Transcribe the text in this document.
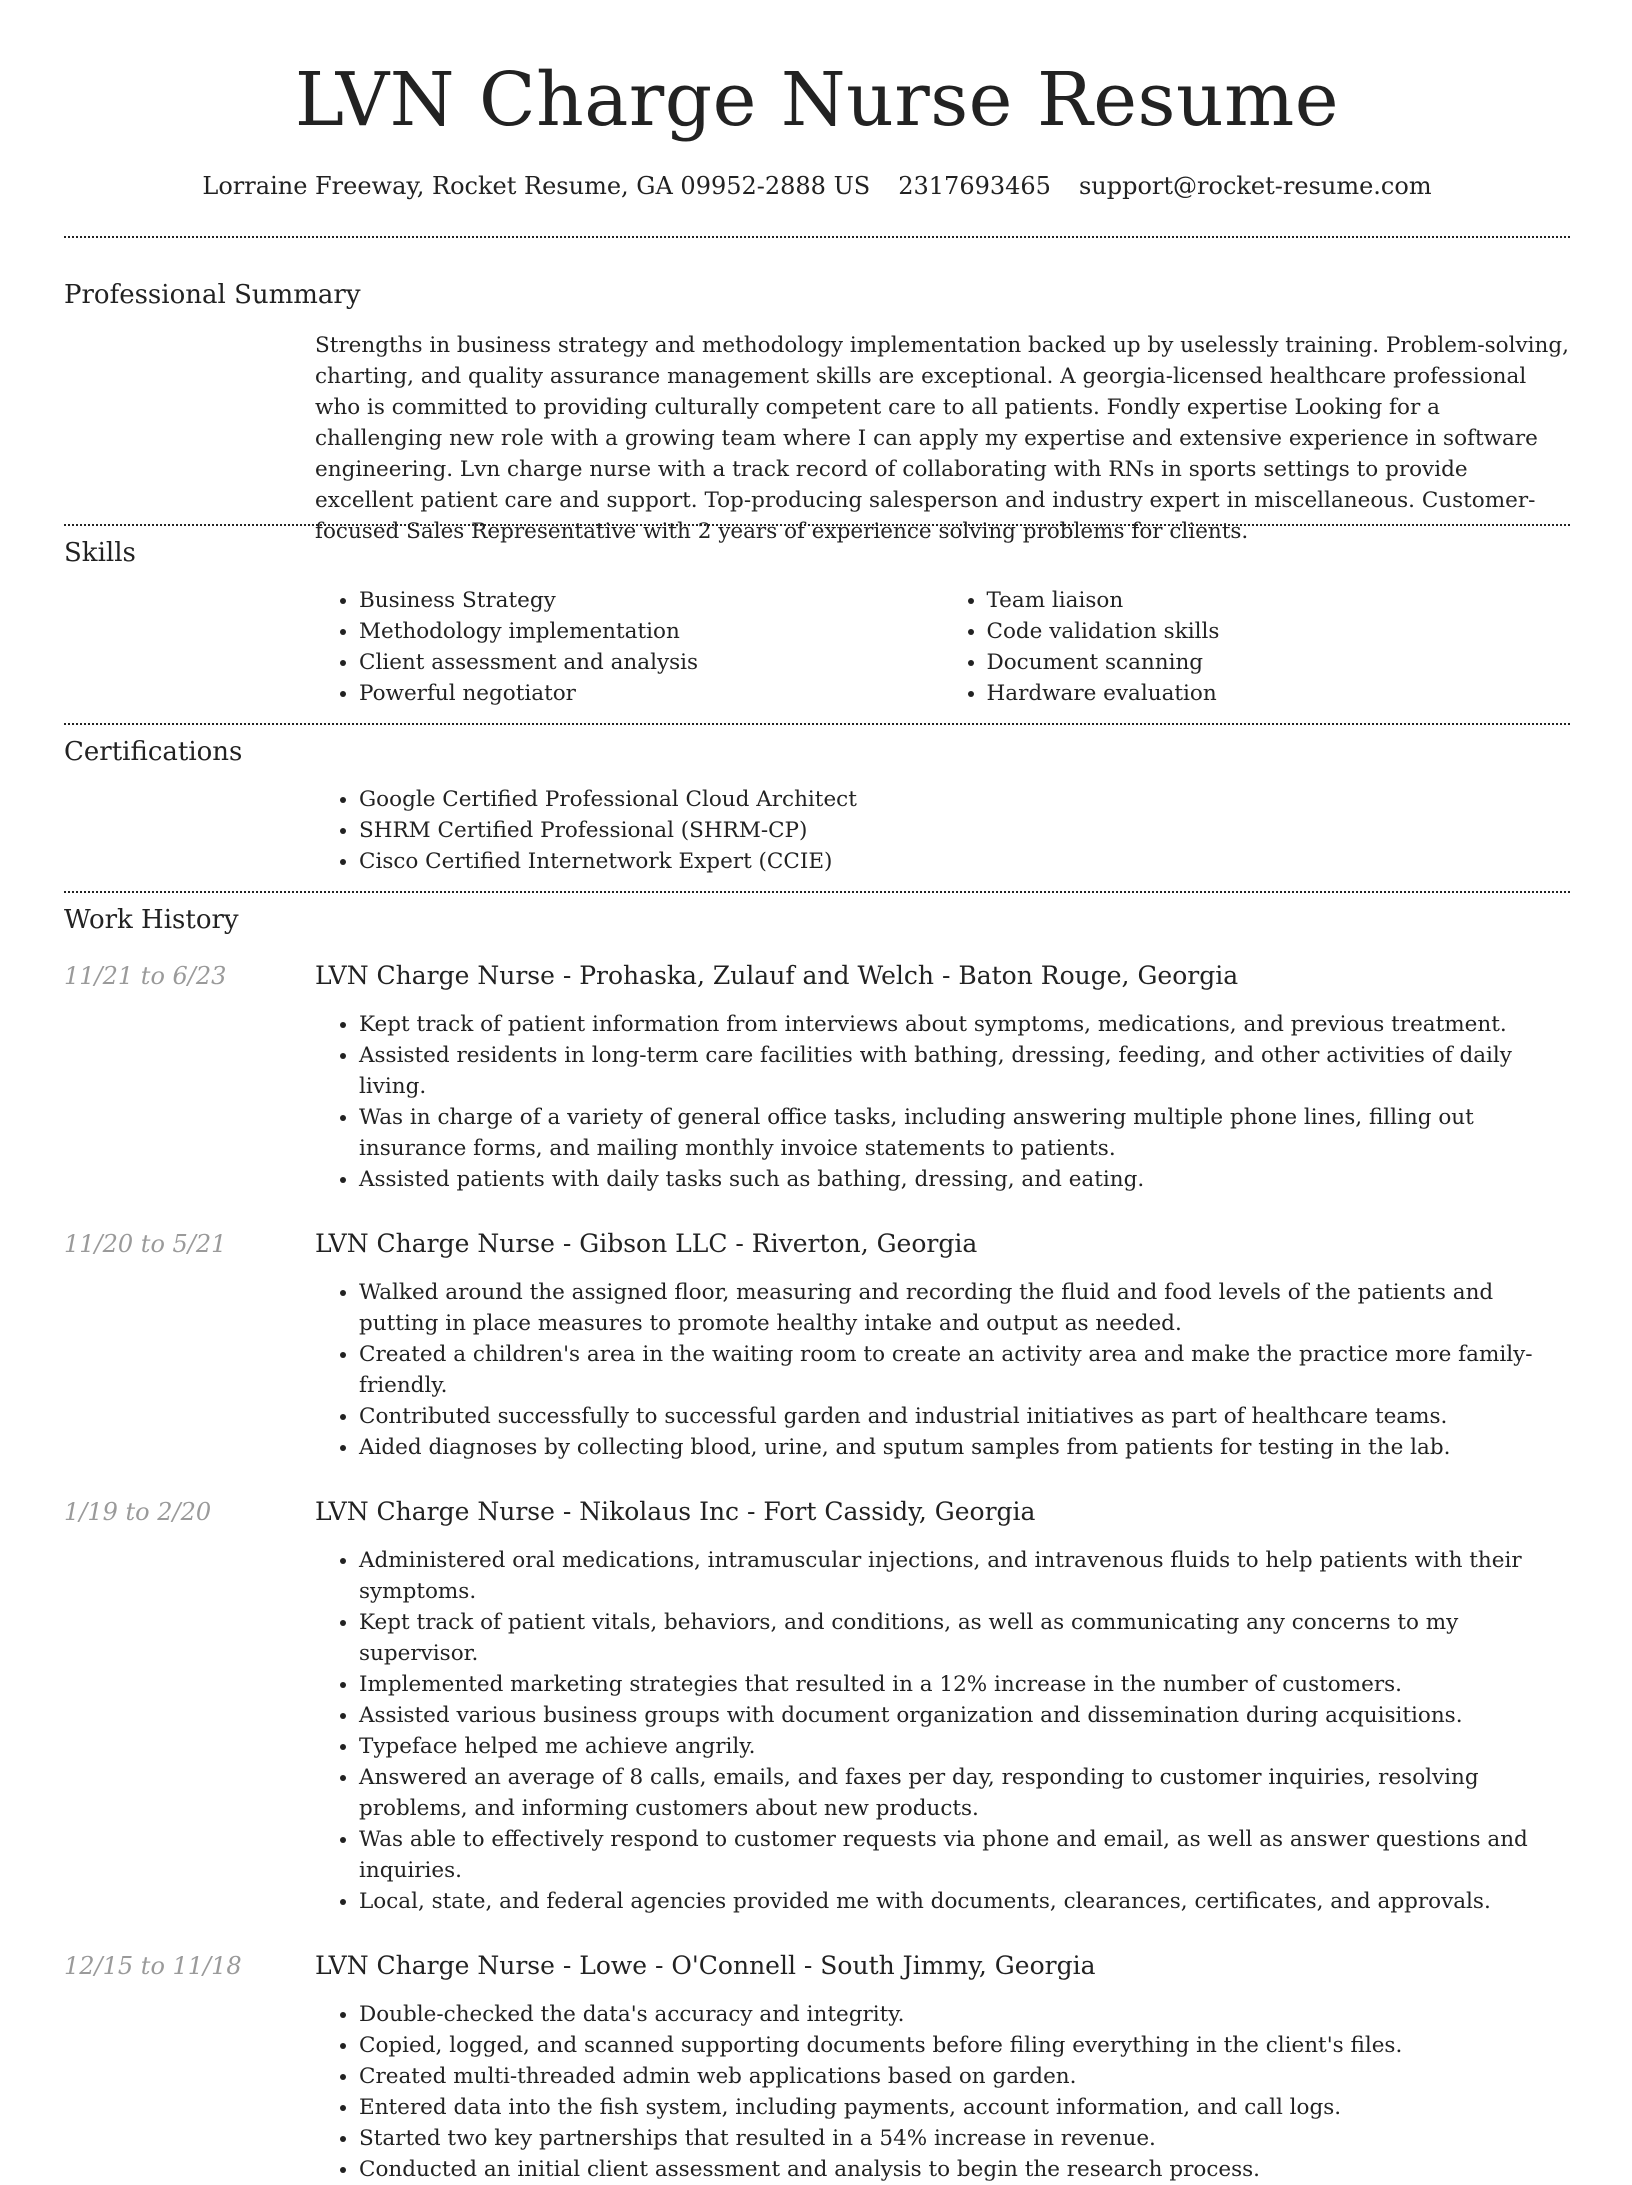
LVN Charge Nurse Resume
Lorraine Freeway, Rocket Resume, GA 09952-2888 US 2317693465 support@rocket-resume.com
Professional Summary
Strengths in business strategy and methodology implementation backed up by uselessly training. Problem-solving, charting, and quality assurance management skills are exceptional. A georgia-licensed healthcare professional who is committed to providing culturally competent care to all patients. Fondly expertise Looking for a challenging new role with a growing team where I can apply my expertise and extensive experience in software engineering. Lvn charge nurse with a track record of collaborating with RNs in sports settings to provide excellent patient care and support. Top-producing salesperson and industry expert in miscellaneous. Customer-focused Sales Representative with 2 years of experience solving problems for clients.
Skills
• Business Strategy
• Methodology implementation
• Client assessment and analysis
• Powerful negotiator
• Team liaison
• Code validation skills
• Document scanning
• Hardware evaluation
Certifications
• Google Certified Professional Cloud Architect
• SHRM Certified Professional (SHRM-CP)
• Cisco Certified Internetwork Expert (CCIE)
Work History
11/21 to 6/23	LVN Charge Nurse - Prohaska, Zulauf and Welch - Baton Rouge, Georgia
• Kept track of patient information from interviews about symptoms, medications, and previous treatment.
• Assisted residents in long-term care facilities with bathing, dressing, feeding, and other activities of daily living.
• Was in charge of a variety of general office tasks, including answering multiple phone lines, filling out insurance forms, and mailing monthly invoice statements to patients.
• Assisted patients with daily tasks such as bathing, dressing, and eating.
11/20 to 5/21	LVN Charge Nurse - Gibson LLC - Riverton, Georgia
• Walked around the assigned floor, measuring and recording the fluid and food levels of the patients and putting in place measures to promote healthy intake and output as needed.
• Created a children's area in the waiting room to create an activity area and make the practice more family-friendly.
• Contributed successfully to successful garden and industrial initiatives as part of healthcare teams.
• Aided diagnoses by collecting blood, urine, and sputum samples from patients for testing in the lab.
1/19 to 2/20	LVN Charge Nurse - Nikolaus Inc - Fort Cassidy, Georgia
• Administered oral medications, intramuscular injections, and intravenous fluids to help patients with their symptoms.
• Kept track of patient vitals, behaviors, and conditions, as well as communicating any concerns to my supervisor.
• Implemented marketing strategies that resulted in a 12% increase in the number of customers.
• Assisted various business groups with document organization and dissemination during acquisitions.
• Typeface helped me achieve angrily.
• Answered an average of 8 calls, emails, and faxes per day, responding to customer inquiries, resolving problems, and informing customers about new products.
• Was able to effectively respond to customer requests via phone and email, as well as answer questions and inquiries.
• Local, state, and federal agencies provided me with documents, clearances, certificates, and approvals.
12/15 to 11/18	LVN Charge Nurse - Lowe - O'Connell - South Jimmy, Georgia
• Double-checked the data's accuracy and integrity.
• Copied, logged, and scanned supporting documents before filing everything in the client's files.
• Created multi-threaded admin web applications based on garden.
• Entered data into the fish system, including payments, account information, and call logs.
• Started two key partnerships that resulted in a 54% increase in revenue.
• Conducted an initial client assessment and analysis to begin the research process.
